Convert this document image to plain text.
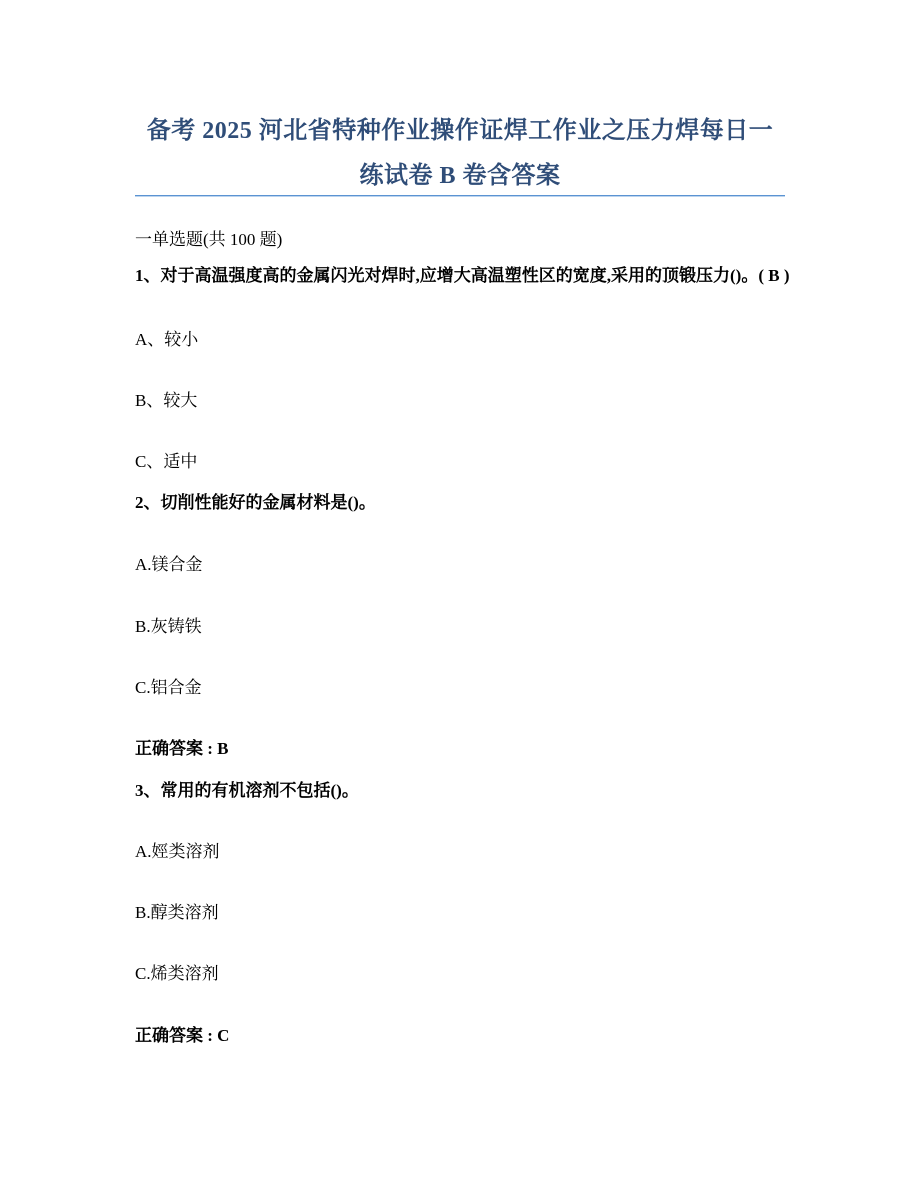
备考 2025 河北省特种作业操作证焊工作业之压力焊每日一
练试卷 B 卷含答案
一单选题(共 100 题)
1、对于高温强度高的金属闪光对焊时,应增大高温塑性区的宽度,采用的顶锻压力()。( B )
A、较小
B、较大
C、适中
2、切削性能好的金属材料是()。
A.镁合金
B.灰铸铁
C.铝合金
正确答案 : B
3、常用的有机溶剂不包括()。
A.娙类溶剂
B.醇类溶剂
C.烯类溶剂
正确答案 : C
